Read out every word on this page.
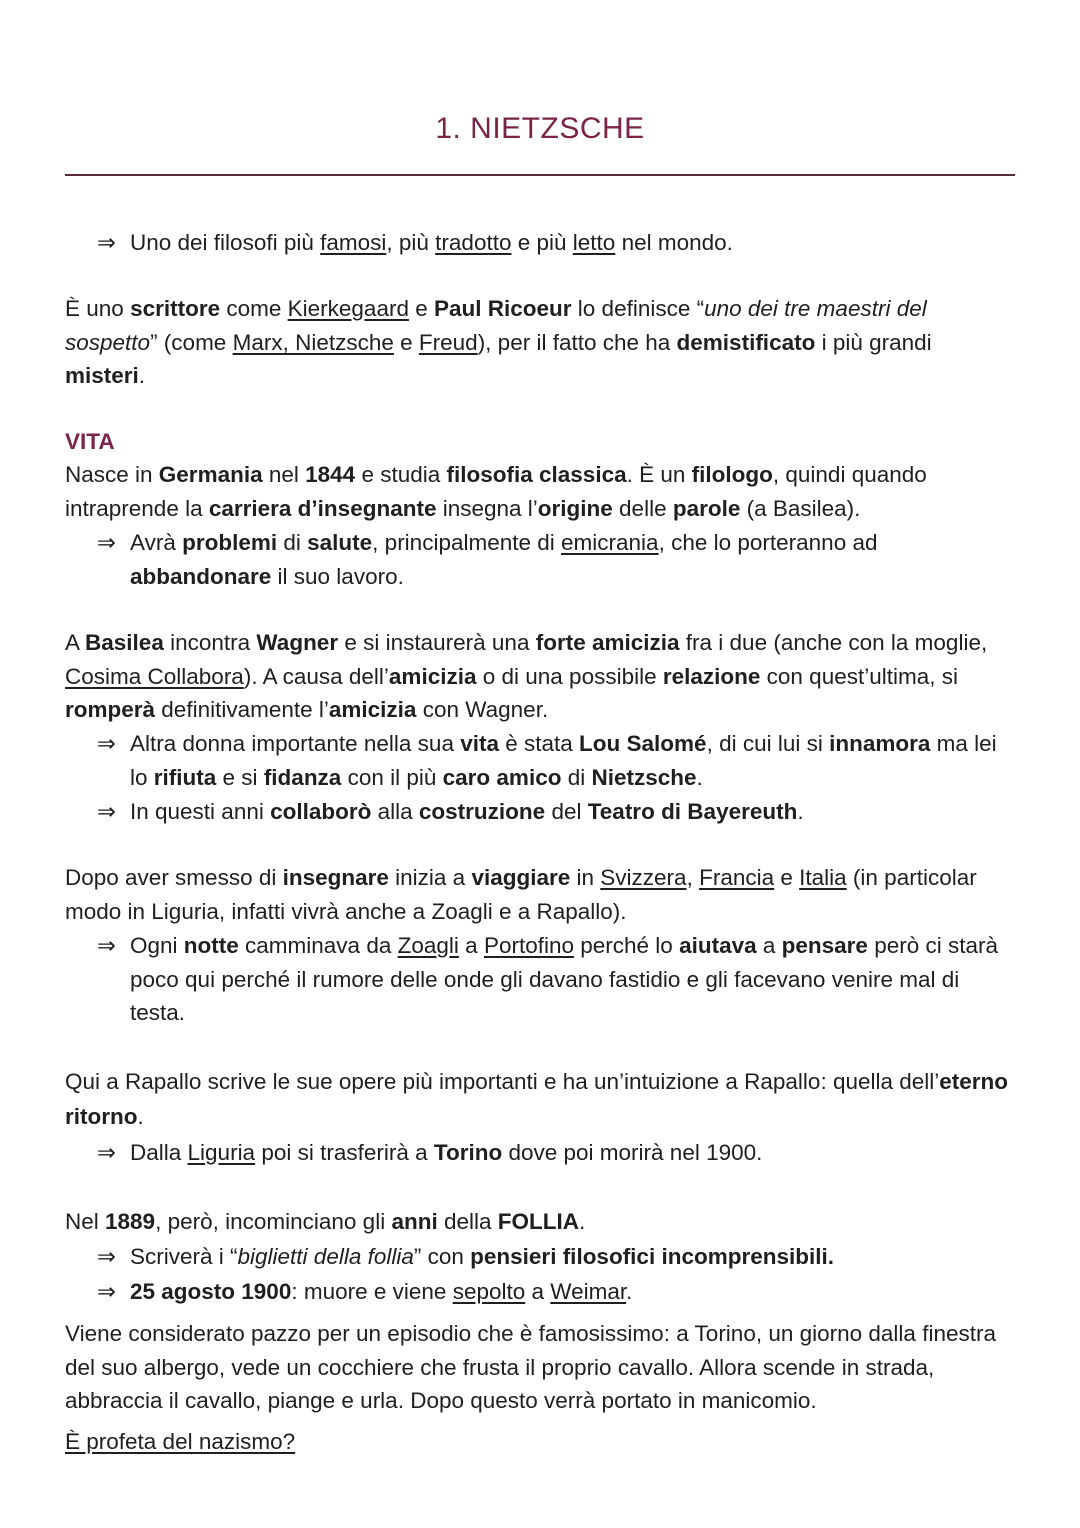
1. NIETZSCHE
⇒ Uno dei filosofi più famosi, più tradotto e più letto nel mondo.

È uno scrittore come Kierkegaard e Paul Ricoeur lo definisce “uno dei tre maestri del sospetto” (come Marx, Nietzsche e Freud), per il fatto che ha demistificato i più grandi misteri.

VITA

Nasce in Germania nel 1844 e studia filosofia classica. È un filologo, quindi quando intraprende la carriera d’insegnante insegna l’origine delle parole (a Basilea).

⇒ Avrà problemi di salute, principalmente di emicrania, che lo porteranno ad abbandonare il suo lavoro.

A Basilea incontra Wagner e si instaurerà una forte amicizia fra i due (anche con la moglie, Cosima Collabora). A causa dell’amicizia o di una possibile relazione con quest’ultima, si romperà definitivamente l’amicizia con Wagner.

⇒ Altra donna importante nella sua vita è stata Lou Salomé, di cui lui si innamora ma lei lo rifiuta e si fidanza con il più caro amico di Nietzsche.
⇒ In questi anni collaborò alla costruzione del Teatro di Bayereuth.

Dopo aver smesso di insegnare inizia a viaggiare in Svizzera, Francia e Italia (in particolar modo in Liguria, infatti vivrà anche a Zoagli e a Rapallo).

⇒ Ogni notte camminava da Zoagli a Portofino perché lo aiutava a pensare però ci starà poco qui perché il rumore delle onde gli davano fastidio e gli facevano venire mal di testa.

Qui a Rapallo scrive le sue opere più importanti e ha un’intuizione a Rapallo: quella dell’eterno ritorno.

⇒ Dalla Liguria poi si trasferirà a Torino dove poi morirà nel 1900.

Nel 1889, però, incominciano gli anni della FOLLIA.

⇒ Scriverà i “biglietti della follia” con pensieri filosofici incomprensibili.
⇒ 25 agosto 1900: muore e viene sepolto a Weimar.

Viene considerato pazzo per un episodio che è famosissimo: a Torino, un giorno dalla finestra del suo albergo, vede un cocchiere che frusta il proprio cavallo. Allora scende in strada, abbraccia il cavallo, piange e urla. Dopo questo verrà portato in manicomio.

È profeta del nazismo?
